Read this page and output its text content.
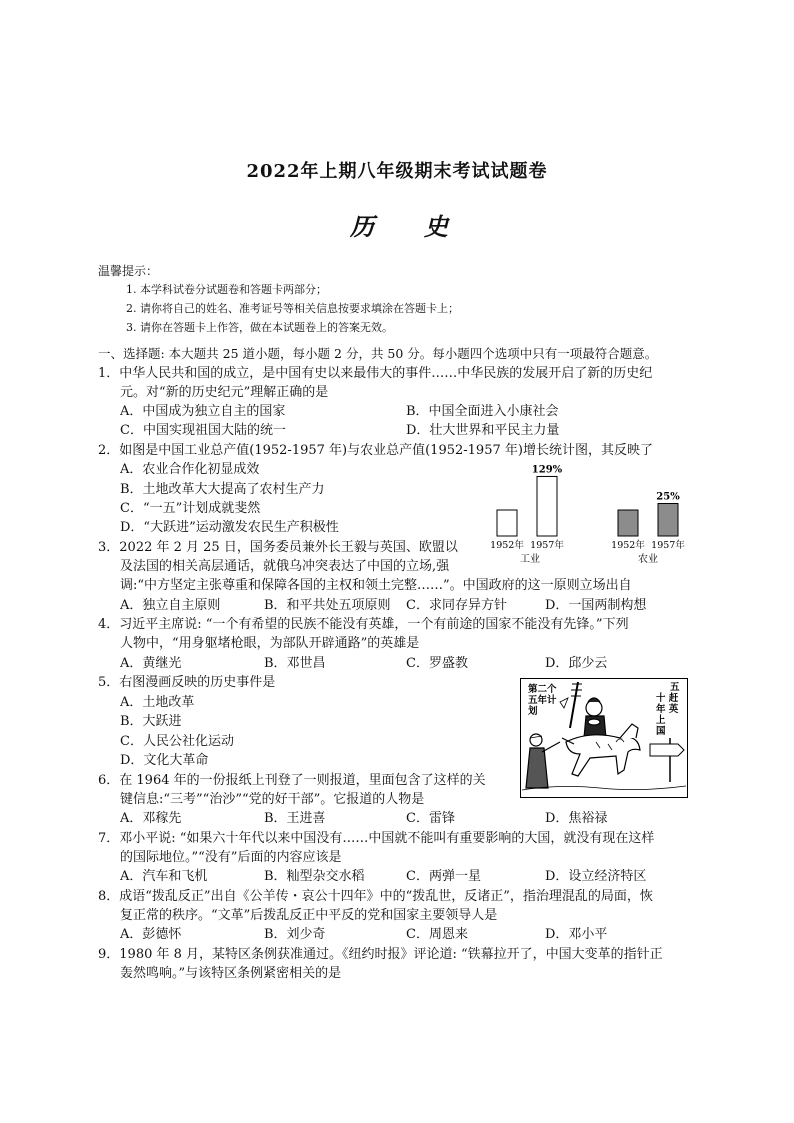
2022年上期八年级期末考试试题卷
历 史
温馨提示：
1. 本学科试卷分试题卷和答题卡两部分；
2. 请你将自己的姓名、准考证号等相关信息按要求填涂在答题卡上；
3. 请你在答题卡上作答，做在本试题卷上的答案无效。
一、选择题: 本大题共 25 道小题，每小题 2 分，共 50 分。每小题四个选项中只有一项最符合题意。
1．中华人民共和国的成立，是中国有史以来最伟大的事件……中华民族的发展开启了新的历史纪
元。对“新的历史纪元”理解正确的是
A．中国成为独立自主的国家	B．中国全面进入小康社会
C．中国实现祖国大陆的统一	D．壮大世界和平民主力量
2．如图是中国工业总产值(1952-1957 年)与农业总产值(1952-1957 年)增长统计图，其反映了
A．农业合作化初显成效
B．土地改革大大提高了农村生产力
C．“一五”计划成就斐然
D．“大跃进”运动激发农民生产积极性
129%
25%
1952年 1957年	1952年 1957年
工业	农业
3．2022 年 2 月 25 日，国务委员兼外长王毅与英国、欧盟以
及法国的相关高层通话，就俄乌冲突表达了中国的立场,强
调:“中方坚定主张尊重和保障各国的主权和领土完整……”。中国政府的这一原则立场出自
A．独立自主原则	B．和平共处五项原则 C．求同存异方针	D．一国两制构想
4．习近平主席说: “一个有希望的民族不能没有英雄，一个有前途的国家不能没有先锋。”下列
人物中，“用身躯堵枪眼，为部队开辟通路”的英雄是
A．黄继光	B．邓世昌	C．罗盛教	D．邱少云
5．右图漫画反映的历史事件是
A．土地改革
B．大跃进
C．人民公社化运动
D．文化大革命
第二个
五年计
划
五
十 赶
年 英
上
国
6．在 1964 年的一份报纸上刊登了一则报道，里面包含了这样的关
键信息:“三考”“治沙”“党的好干部”。它报道的人物是
A．邓稼先	B．王进喜	C．雷锋	D．焦裕禄
7．邓小平说: “如果六十年代以来中国没有……中国就不能叫有重要影响的大国，就没有现在这样
的国际地位。”“没有”后面的内容应该是
A．汽车和飞机	B．籼型杂交水稻	C．两弹一星	D．设立经济特区
8．成语“拨乱反正”出自《公羊传・哀公十四年》中的“拨乱世，反诸正”，指治理混乱的局面，恢
复正常的秩序。“文革”后拨乱反正中平反的党和国家主要领导人是
A．彭德怀	B．刘少奇	C．周恩来	D．邓小平
9．1980 年 8 月，某特区条例获准通过。《纽约时报》评论道: “铁幕拉开了，中国大变革的指针正
轰然鸣响。”与该特区条例紧密相关的是
